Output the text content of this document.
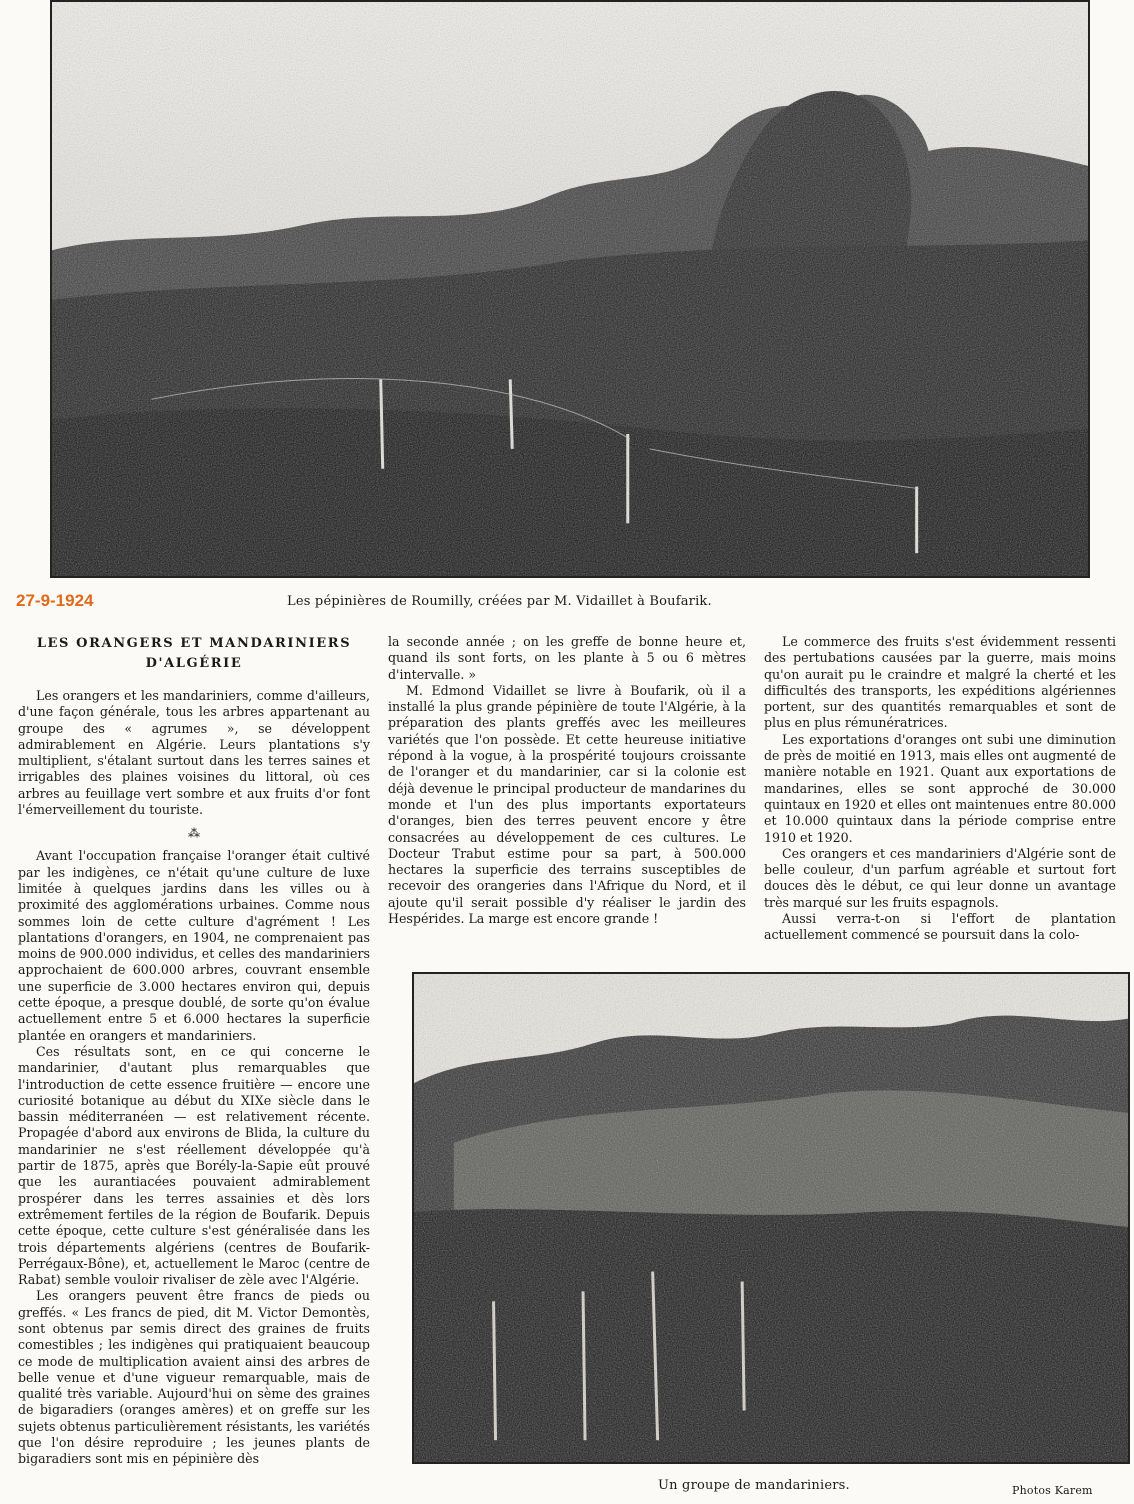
27-9-1924	Les pépinières de Roumilly, créées par M. Vidaillet à Boufarik.
LES ORANGERS ET MANDARINIERS
D'ALGÉRIE

Les orangers et les mandariniers, comme d'ailleurs, d'une façon générale, tous les arbres appartenant au groupe des « agrumes », se développent admirablement en Algérie. Leurs plantations s'y multiplient, s'étalant surtout dans les terres saines et irrigables des plaines voisines du littoral, où ces arbres au feuillage vert sombre et aux fruits d'or font l'émerveillement du touriste.

⁂

Avant l'occupation française l'oranger était cultivé par les indigènes, ce n'était qu'une culture de luxe limitée à quelques jardins dans les villes ou à proximité des agglomérations urbaines. Comme nous sommes loin de cette culture d'agrément ! Les plantations d'orangers, en 1904, ne comprenaient pas moins de 900.000 individus, et celles des mandariniers approchaient de 600.000 arbres, couvrant ensemble une superficie de 3.000 hectares environ qui, depuis cette époque, a presque doublé, de sorte qu'on évalue actuellement entre 5 et 6.000 hectares la superficie plantée en orangers et mandariniers.

Ces résultats sont, en ce qui concerne le mandarinier, d'autant plus remarquables que l'introduction de cette essence fruitière — encore une curiosité botanique au début du XIXe siècle dans le bassin méditerranéen — est relativement récente. Propagée d'abord aux environs de Blida, la culture du mandarinier ne s'est réellement développée qu'à partir de 1875, après que Borély-la-Sapie eût prouvé que les aurantiacées pouvaient admirablement prospérer dans les terres assainies et dès lors extrêmement fertiles de la région de Boufarik. Depuis cette époque, cette culture s'est généralisée dans les trois départements algériens (centres de Boufarik-Perrégaux-Bône), et, actuellement le Maroc (centre de Rabat) semble vouloir rivaliser de zèle avec l'Algérie.

Les orangers peuvent être francs de pieds ou greffés. « Les francs de pied, dit M. Victor Demontès, sont obtenus par semis direct des graines de fruits comestibles ; les indigènes qui pratiquaient beaucoup ce mode de multiplication avaient ainsi des arbres de belle venue et d'une vigueur remarquable, mais de qualité très variable. Aujourd'hui on sème des graines de bigaradiers (oranges amères) et on greffe sur les sujets obtenus particulièrement résistants, les variétés que l'on désire reproduire ; les jeunes plants de bigaradiers sont mis en pépinière dès

la seconde année ; on les greffe de bonne heure et, quand ils sont forts, on les plante à 5 ou 6 mètres d'intervalle. »

M. Edmond Vidaillet se livre à Boufarik, où il a installé la plus grande pépinière de toute l'Algérie, à la préparation des plants greffés avec les meilleures variétés que l'on possède. Et cette heureuse initiative répond à la vogue, à la prospérité toujours croissante de l'oranger et du mandarinier, car si la colonie est déjà devenue le principal producteur de mandarines du monde et l'un des plus importants exportateurs d'oranges, bien des terres peuvent encore y être consacrées au développement de ces cultures. Le Docteur Trabut estime pour sa part, à 500.000 hectares la superficie des terrains susceptibles de recevoir des orangeries dans l'Afrique du Nord, et il ajoute qu'il serait possible d'y réaliser le jardin des Hespérides. La marge est encore grande !

Le commerce des fruits s'est évidemment ressenti des pertubations causées par la guerre, mais moins qu'on aurait pu le craindre et malgré la cherté et les difficultés des transports, les expéditions algériennes portent, sur des quantités remarquables et sont de plus en plus rémunératrices.

Les exportations d'oranges ont subi une diminution de près de moitié en 1913, mais elles ont augmenté de manière notable en 1921. Quant aux exportations de mandarines, elles se sont approché de 30.000 quintaux en 1920 et elles ont maintenues entre 80.000 et 10.000 quintaux dans la période comprise entre 1910 et 1920.

Ces orangers et ces mandariniers d'Algérie sont de belle couleur, d'un parfum agréable et surtout fort douces dès le début, ce qui leur donne un avantage très marqué sur les fruits espagnols.

Aussi verra-t-on si l'effort de plantation actuellement commencé se poursuit dans la colo-

Un groupe de mandariniers.	Photos Karem
